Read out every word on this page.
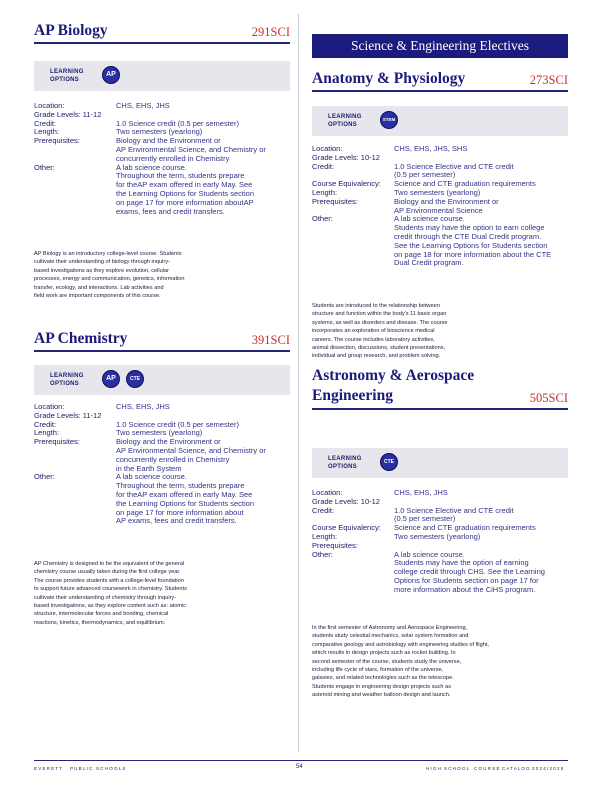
AP Biology	291SCI
LEARNING
OPTIONS
AP
Location:	CHS, EHS, JHS
Grade Levels: 11-12
Credit:	1.0 Science credit (0.5 per semester)
Length:	Two semesters (yearlong)
Prerequisites:	Biology and the Environment or
AP Environmental Science, and Chemistry or
concurrently enrolled in Chemistry
Other:	A lab science course.
Throughout the term, students prepare
for theAP exam offered in early May. See
the Learning Options for Students section
on page 17 for more information aboutAP
exams, fees and credit transfers.
AP Biology is an introductory college-level course. Students
cultivate their understanding of biology through inquiry-
based investigations as they explore evolution, cellular
processes, energy and communication, genetics, information
transfer, ecology, and interactions. Lab activities and
field work are important components of this course.
AP Chemistry	391SCI
LEARNING
OPTIONS
AP	CTE
Location:	CHS, EHS, JHS
Grade Levels: 11-12
Credit:	1.0 Science credit (0.5 per semester)
Length:	Two semesters (yearlong)
Prerequisites:	Biology and the Environment or
AP Environmental Science, and Chemistry or
concurrently enrolled in Chemistry
in the Earth System
Other:	A lab science course.
Throughout the term, students prepare
for theAP exam offered in early May. See
the Learning Options for Students section
on page 17 for more information about
AP exams, fees and credit transfers.
AP Chemistry is designed to be the equivalent of the general
chemistry course usually taken during the first college year.
The course provides students with a college-level foundation
to support future advanced coursework in chemistry. Students
cultivate their understanding of chemistry through inquiry-
based investigations, as they explore content such as: atomic
structure, intermolecular forces and bonding, chemical
reactions, kinetics, thermodynamics, and equilibrium.
Science & Engineering Electives
Anatomy & Physiology	273SCI
LEARNING
OPTIONS
STEM
Location:	CHS, EHS, JHS, SHS
Grade Levels: 10-12
Credit:	1.0 Science Elective and CTE credit
(0.5 per semester)
Course Equivalency:	Science and CTE graduation requirements
Length:	Two semesters (yearlong)
Prerequisites:	Biology and the Environment or
AP Environmental Science
Other:	A lab science course.
Students may have the option to earn college
credit through the CTE Dual Credit program.
See the Learning Options for Students section
on page 18 for more information about the CTE
Dual Credit program.
Students are introduced to the relationship between
structure and function within the body's 11 basic organ
systems, as well as disorders and disease. The course
incorporates an exploration of bioscience medical
careers. The course includes laboratory activities,
animal dissection, discussions, student presentations,
individual and group research, and problem solving.
Astronomy & Aerospace
Engineering	505SCI
LEARNING
OPTIONS
CTE
Location:	CHS, EHS, JHS
Grade Levels: 10-12
Credit:	1.0 Science Elective and CTE credit
(0.5 per semester)
Course Equivalency:	Science and CTE graduation requirements
Length:	Two semesters (yearlong)
Prerequisites:
Other:	A lab science course.
Students may have the option of earning
college credit through CHS. See the Learning
Options for Students section on page 17 for
more information about the CiHS program.
In the first semester of Astronomy and Aerospace Engineering,
students study celestial mechanics, solar system formation and
comparative geology and astrobiology with engineering studies of flight,
which results in design projects such as rocket building. In
second semester of the course, students study the universe,
including life cycle of stars, formation of the universe,
galaxies, and related technologies such as the telescope.
Students engage in engineering design projects such as
asteroid mining and weather balloon design and launch.
E V E R E T T P U B L I C S C H O O L S	54	H I G H S C H O O L C O U R S E C A T A L O G 2 0 2 4 / 2 0 2 5
